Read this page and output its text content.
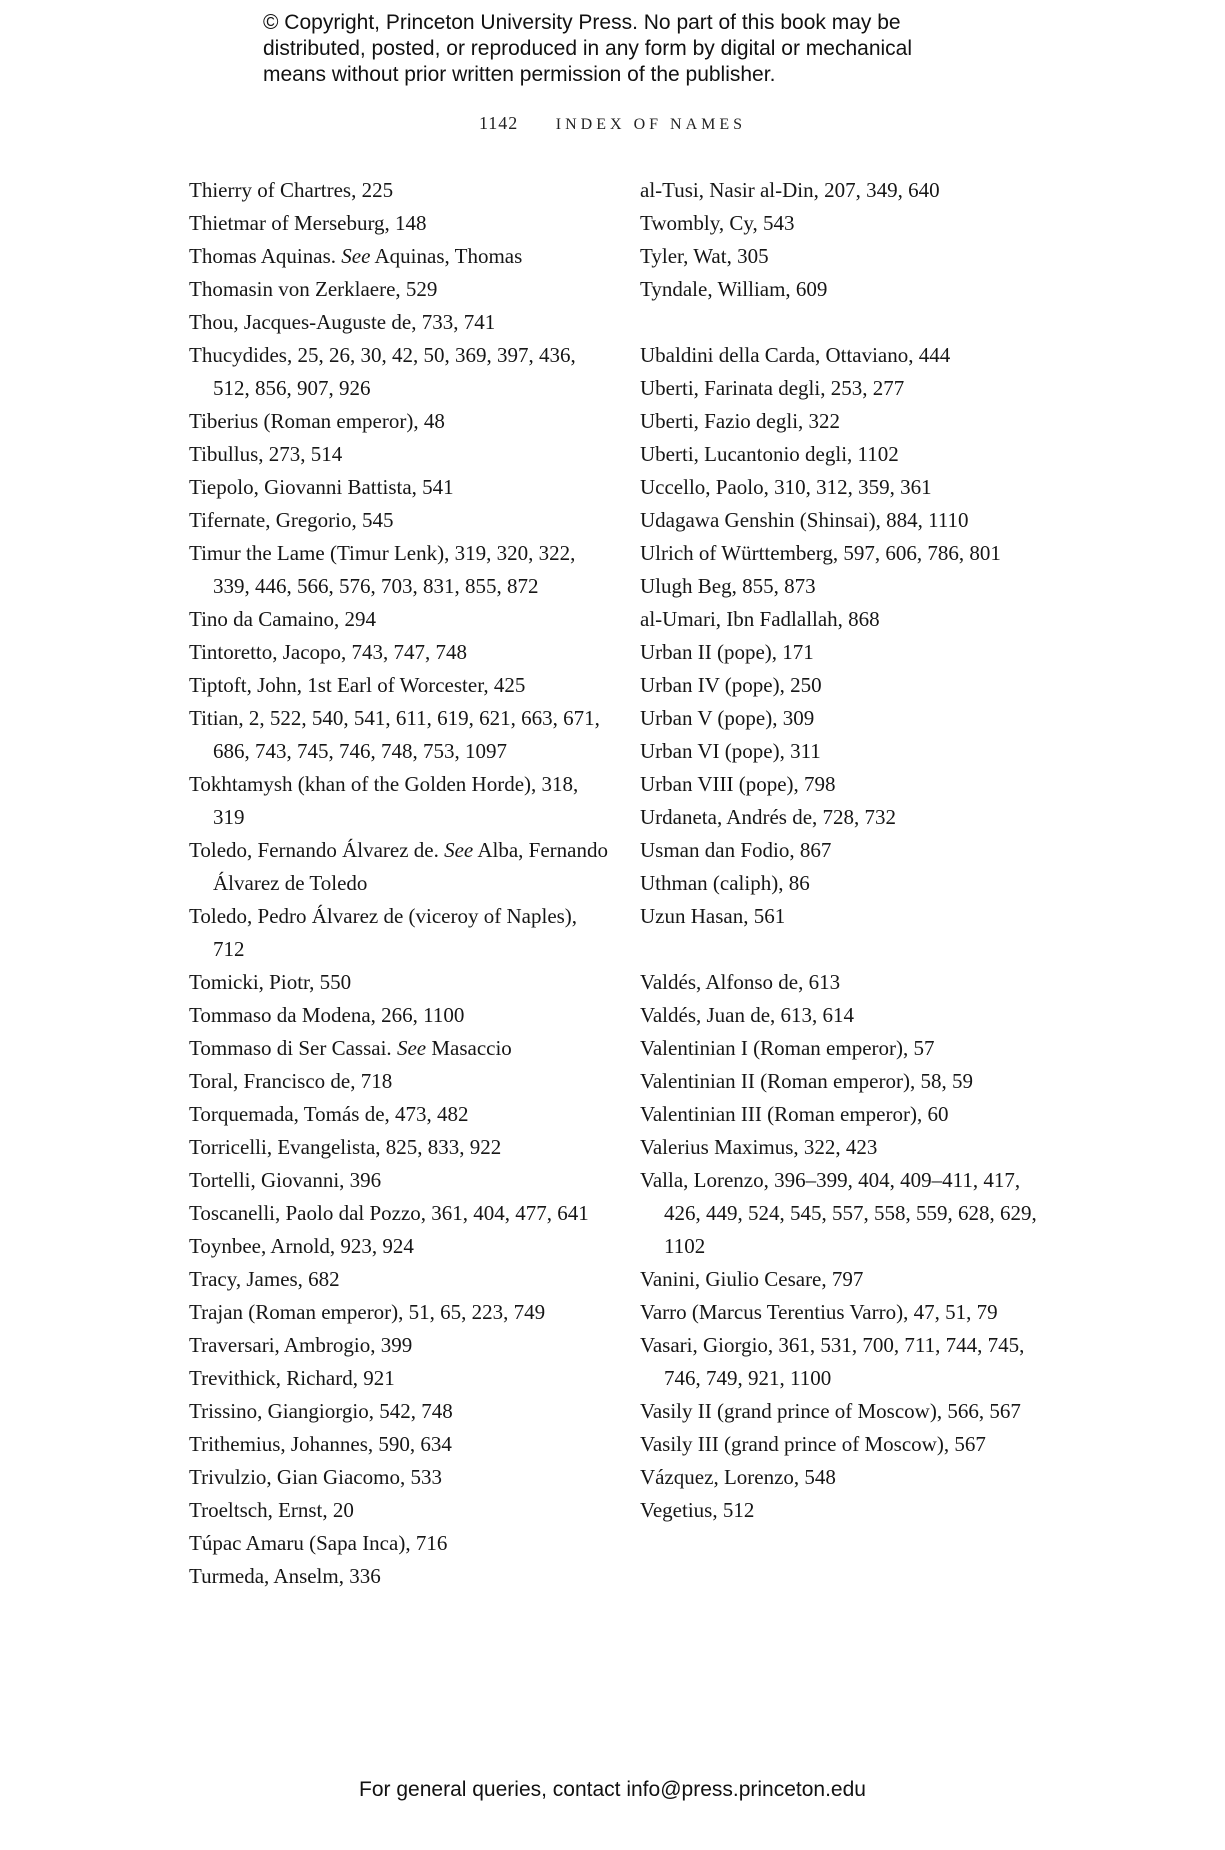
© Copyright, Princeton University Press. No part of this book may be
distributed, posted, or reproduced in any form by digital or mechanical
means without prior written permission of the publisher.
1142 INDEX OF NAMES
Thierry of Chartres, 225
Thietmar of Merseburg, 148
Thomas Aquinas. See Aquinas, Thomas
Thomasin von Zerklaere, 529
Thou, Jacques-Auguste de, 733, 741
Thucydides, 25, 26, 30, 42, 50, 369, 397, 436, 512, 856, 907, 926
Tiberius (Roman emperor), 48
Tibullus, 273, 514
Tiepolo, Giovanni Battista, 541
Tifernate, Gregorio, 545
Timur the Lame (Timur Lenk), 319, 320, 322, 339, 446, 566, 576, 703, 831, 855, 872
Tino da Camaino, 294
Tintoretto, Jacopo, 743, 747, 748
Tiptoft, John, 1st Earl of Worcester, 425
Titian, 2, 522, 540, 541, 611, 619, 621, 663, 671, 686, 743, 745, 746, 748, 753, 1097
Tokhtamysh (khan of the Golden Horde), 318, 319
Toledo, Fernando Álvarez de. See Alba, Fernando Álvarez de Toledo
Toledo, Pedro Álvarez de (viceroy of Naples), 712
Tomicki, Piotr, 550
Tommaso da Modena, 266, 1100
Tommaso di Ser Cassai. See Masaccio
Toral, Francisco de, 718
Torquemada, Tomás de, 473, 482
Torricelli, Evangelista, 825, 833, 922
Tortelli, Giovanni, 396
Toscanelli, Paolo dal Pozzo, 361, 404, 477, 641
Toynbee, Arnold, 923, 924
Tracy, James, 682
Trajan (Roman emperor), 51, 65, 223, 749
Traversari, Ambrogio, 399
Trevithick, Richard, 921
Trissino, Giangiorgio, 542, 748
Trithemius, Johannes, 590, 634
Trivulzio, Gian Giacomo, 533
Troeltsch, Ernst, 20
Túpac Amaru (Sapa Inca), 716
Turmeda, Anselm, 336
al-Tusi, Nasir al-Din, 207, 349, 640
Twombly, Cy, 543
Tyler, Wat, 305
Tyndale, William, 609
Ubaldini della Carda, Ottaviano, 444
Uberti, Farinata degli, 253, 277
Uberti, Fazio degli, 322
Uberti, Lucantonio degli, 1102
Uccello, Paolo, 310, 312, 359, 361
Udagawa Genshin (Shinsai), 884, 1110
Ulrich of Württemberg, 597, 606, 786, 801
Ulugh Beg, 855, 873
al-Umari, Ibn Fadlallah, 868
Urban II (pope), 171
Urban IV (pope), 250
Urban V (pope), 309
Urban VI (pope), 311
Urban VIII (pope), 798
Urdaneta, Andrés de, 728, 732
Usman dan Fodio, 867
Uthman (caliph), 86
Uzun Hasan, 561
Valdés, Alfonso de, 613
Valdés, Juan de, 613, 614
Valentinian I (Roman emperor), 57
Valentinian II (Roman emperor), 58, 59
Valentinian III (Roman emperor), 60
Valerius Maximus, 322, 423
Valla, Lorenzo, 396–399, 404, 409–411, 417, 426, 449, 524, 545, 557, 558, 559, 628, 629, 1102
Vanini, Giulio Cesare, 797
Varro (Marcus Terentius Varro), 47, 51, 79
Vasari, Giorgio, 361, 531, 700, 711, 744, 745, 746, 749, 921, 1100
Vasily II (grand prince of Moscow), 566, 567
Vasily III (grand prince of Moscow), 567
Vázquez, Lorenzo, 548
Vegetius, 512
For general queries, contact info@press.princeton.edu
